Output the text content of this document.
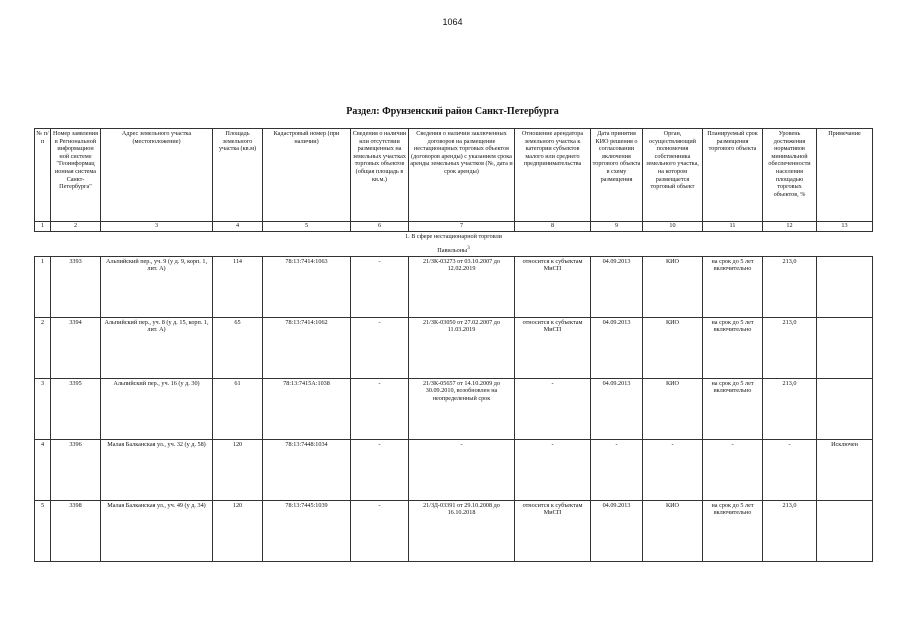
1064
Раздел: Фрунзенский район Санкт-Петербурга
№ п/п	Номер заявления в Региональной информацион ной системе "Геоинформац ионная система Санкт-Петербурга"	Адрес земельного участка (местоположение)	Площадь земельного участка (кв.м)	Кадастровый номер (при наличии)	Сведения о наличии или отсутствии размещенных на земельных участках торговых объектов (общая площадь в кв.м.)	Сведения о наличии заключенных договоров на размещение нестационарных торговых объектов (договоров аренды) с указанием срока аренды земельных участков (№, дата и срок аренды)	Отношение арендатора земельного участка к категории субъектов малого или среднего предпринимательства	Дата принятия КИО решения о согласовании включения торгового объекта в схему размещения	Орган, осуществляющий полномочия собственника земельного участка, на котором размещается торговый объект	Планируемый срок размещения торгового объекта	Уровень достижения нормативов минимальной обеспеченности населения площадью торговых объектов, %	Примечание
1	2	3	4	5	6	7	8	9	10	11	12	13
1. В сфере нестационарной торговли												
Павильоны$^3$
1	3393	Альпийский пер., уч. 9 (у д. 9, корп. 1, лит. А)	114	78:13:7414:1063	-	21/ЗК-03273 от 03.10.2007 до 12.02.2019	относится к субъектам МиСП	04.09.2013	КИО	на срок до 5 лет включительно	213,0	
2	3394	Альпийский пер., уч. 8 (у д. 15, корп. 1, лит. А)	65	78:13:7414:1062	-	21/ЗК-03050 от 27.02.2007 до 11.03.2019	относится к субъектам МиСП	04.09.2013	КИО	на срок до 5 лет включительно	213,0	
3	3395	Альпийский пер., уч. 16 (у д. 30)	61	78:13:7415А:1038	-	21/ЗК-05657 от 14.10.2009 до 30.09.2010, возобновлен на неопределенный срок	-	04.09.2013	КИО	на срок до 5 лет включительно	213,0	
4	3396	Малая Балканская ул., уч. 32 (у д. 58)	120	78:13:7448:1034	-	-	-	-	-	-	-	Исключен
5	3398	Малая Балканская ул., уч. 49 (у д. 34)	120	78:13:7445:1039	-	21/ЗД-03391 от 29.10.2008 до 16.10.2018	относится к субъектам МиСП	04.09.2013	КИО	на срок до 5 лет включительно	213,0	
